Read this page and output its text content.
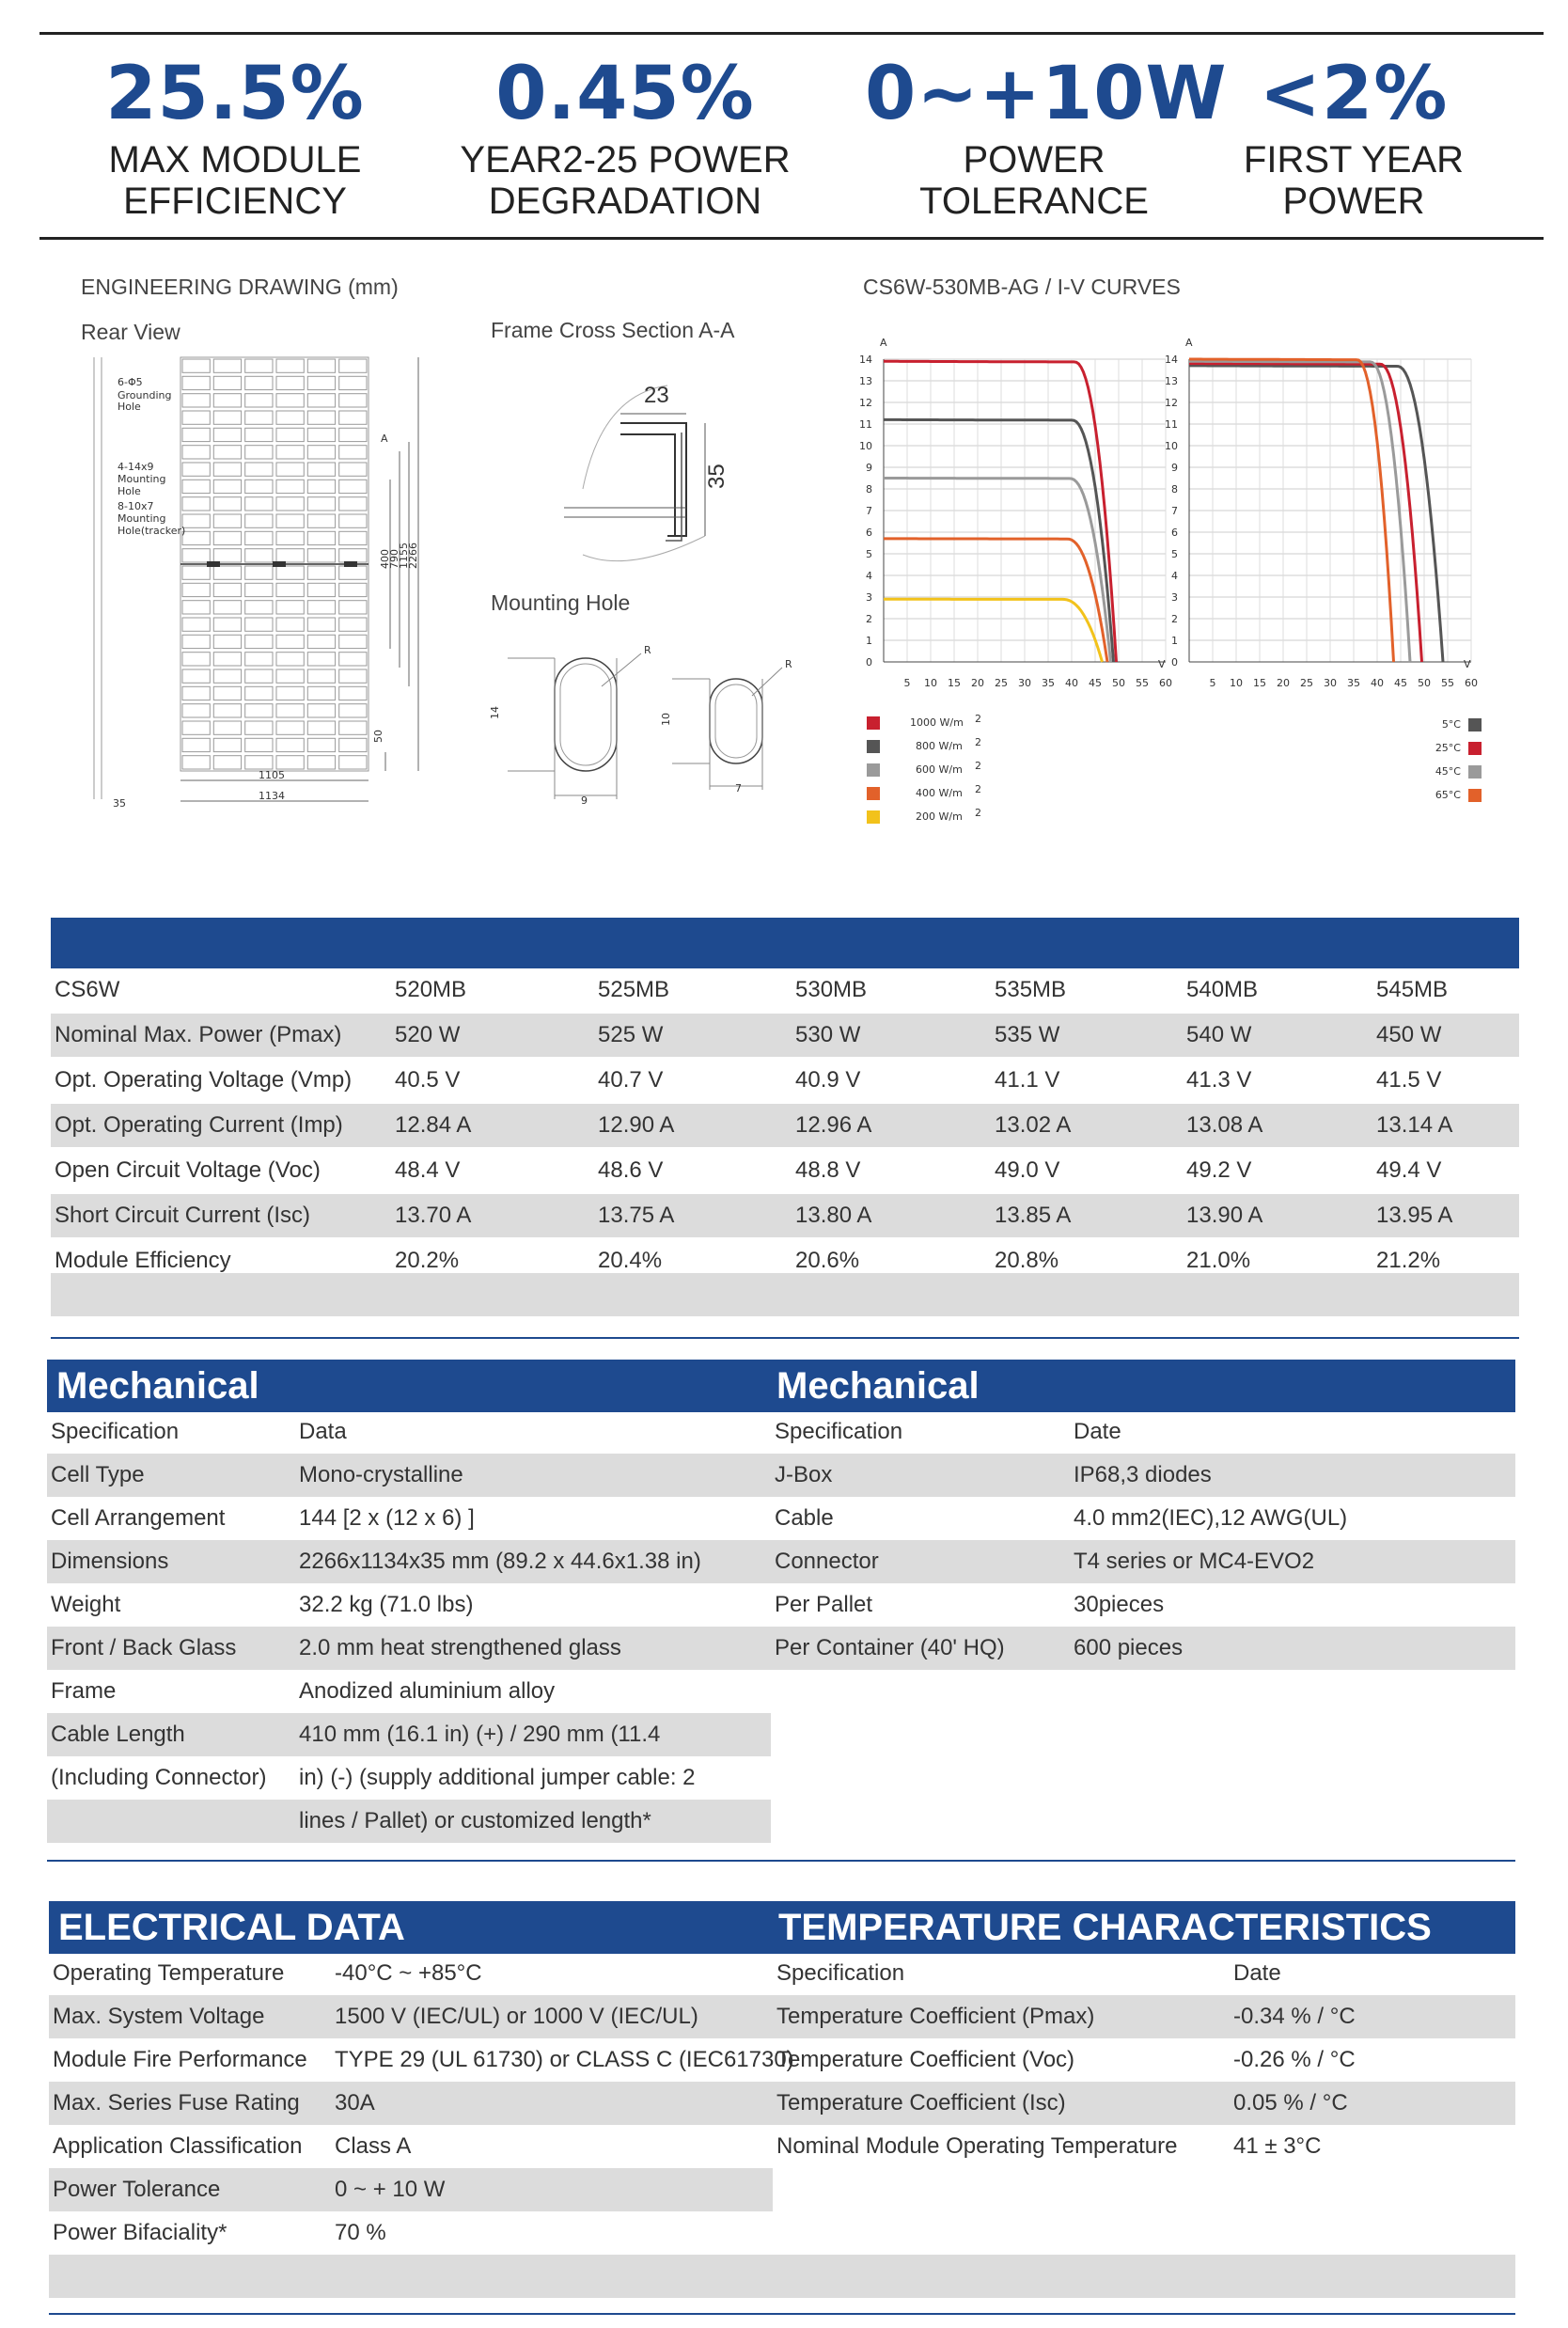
25.5%
MAX MODULE
EFFICIENCY
0.45%
YEAR2-25 POWER
DEGRADATION
0~+10W
POWER
TOLERANCE
<2%
FIRST YEAR
POWER
ENGINEERING DRAWING (mm)
Rear View	Frame Cross Section A-A
Mounting Hole
CS6W-530MB-AG / I-V CURVES
6-Φ5
Grounding
Hole
4-14x9
Mounting
Hole
8-10x7
Mounting
Hole(tracker)
1105
1134
35
50
400
790
1155
2266
A
23
35
R
14
9
R
10
7
A
0
1
2
3
4
5
6
7
8
9
10
11
12
13
14
5 10 15 20 25 30 35 40 45 50 55 60
V
A
0
1
2
3
4
5
6
7
8
9
10
11
12
13
14
5 10 15 20 25 30 35 40 45 50 55 60
V
1000 W/m 2
800 W/m 2
600 W/m 2
400 W/m 2
200 W/m 2
5°C
25°C
45°C
65°C
CS6W	520MB	525MB	530MB	535MB	540MB	545MB
Nominal Max. Power (Pmax) 520 W	525 W	530 W	535 W	540 W	450 W
Opt. Operating Voltage (Vmp) 40.5 V	40.7 V	40.9 V	41.1 V	41.3 V	41.5 V
Opt. Operating Current (Imp) 12.84 A	12.90 A	12.96 A	13.02 A	13.08 A	13.14 A
Open Circuit Voltage (Voc)	48.4 V	48.6 V	48.8 V	49.0 V	49.2 V	49.4 V
Short Circuit Current (Isc)	13.70 A	13.75 A	13.80 A	13.85 A	13.90 A	13.95 A
Module Efficiency	20.2%	20.4%	20.6%	20.8%	21.0%	21.2%
Mechanical	Mechanical
Specification	Data
Cell Type	Mono-crystalline
Cell Arrangement	144 [2 x (12 x 6) ]
Dimensions	2266x1134x35 mm (89.2 x 44.6x1.38 in)
Weight	32.2 kg (71.0 lbs)
Front / Back Glass	2.0 mm heat strengthened glass
Frame	Anodized aluminium alloy
Cable Length	410 mm (16.1 in) (+) / 290 mm (11.4
(Including Connector) in) (-) (supply additional jumper cable: 2
lines / Pallet) or customized length*
Specification	Date
J-Box	IP68,3 diodes
Cable	4.0 mm2(IEC),12 AWG(UL)
Connector	T4 series or MC4-EVO2
Per Pallet	30pieces
Per Container (40' HQ)	600 pieces
ELECTRICAL DATA	TEMPERATURE CHARACTERISTICS
Operating Temperature -40°C ~ +85°C
Max. System Voltage	1500 V (IEC/UL) or 1000 V (IEC/UL)
Module Fire Performance TYPE 29 (UL 61730) or CLASS C (IEC61730)
Max. Series Fuse Rating 30A
Application Classification Class A
Power Tolerance	0 ~ + 10 W
Power Bifaciality*	70 %
Specification	Date
Temperature Coefficient (Pmax)	-0.34 % / °C
Temperature Coefficient (Voc)	-0.26 % / °C
Temperature Coefficient (Isc)	0.05 % / °C
Nominal Module Operating Temperature 41 ± 3°C
